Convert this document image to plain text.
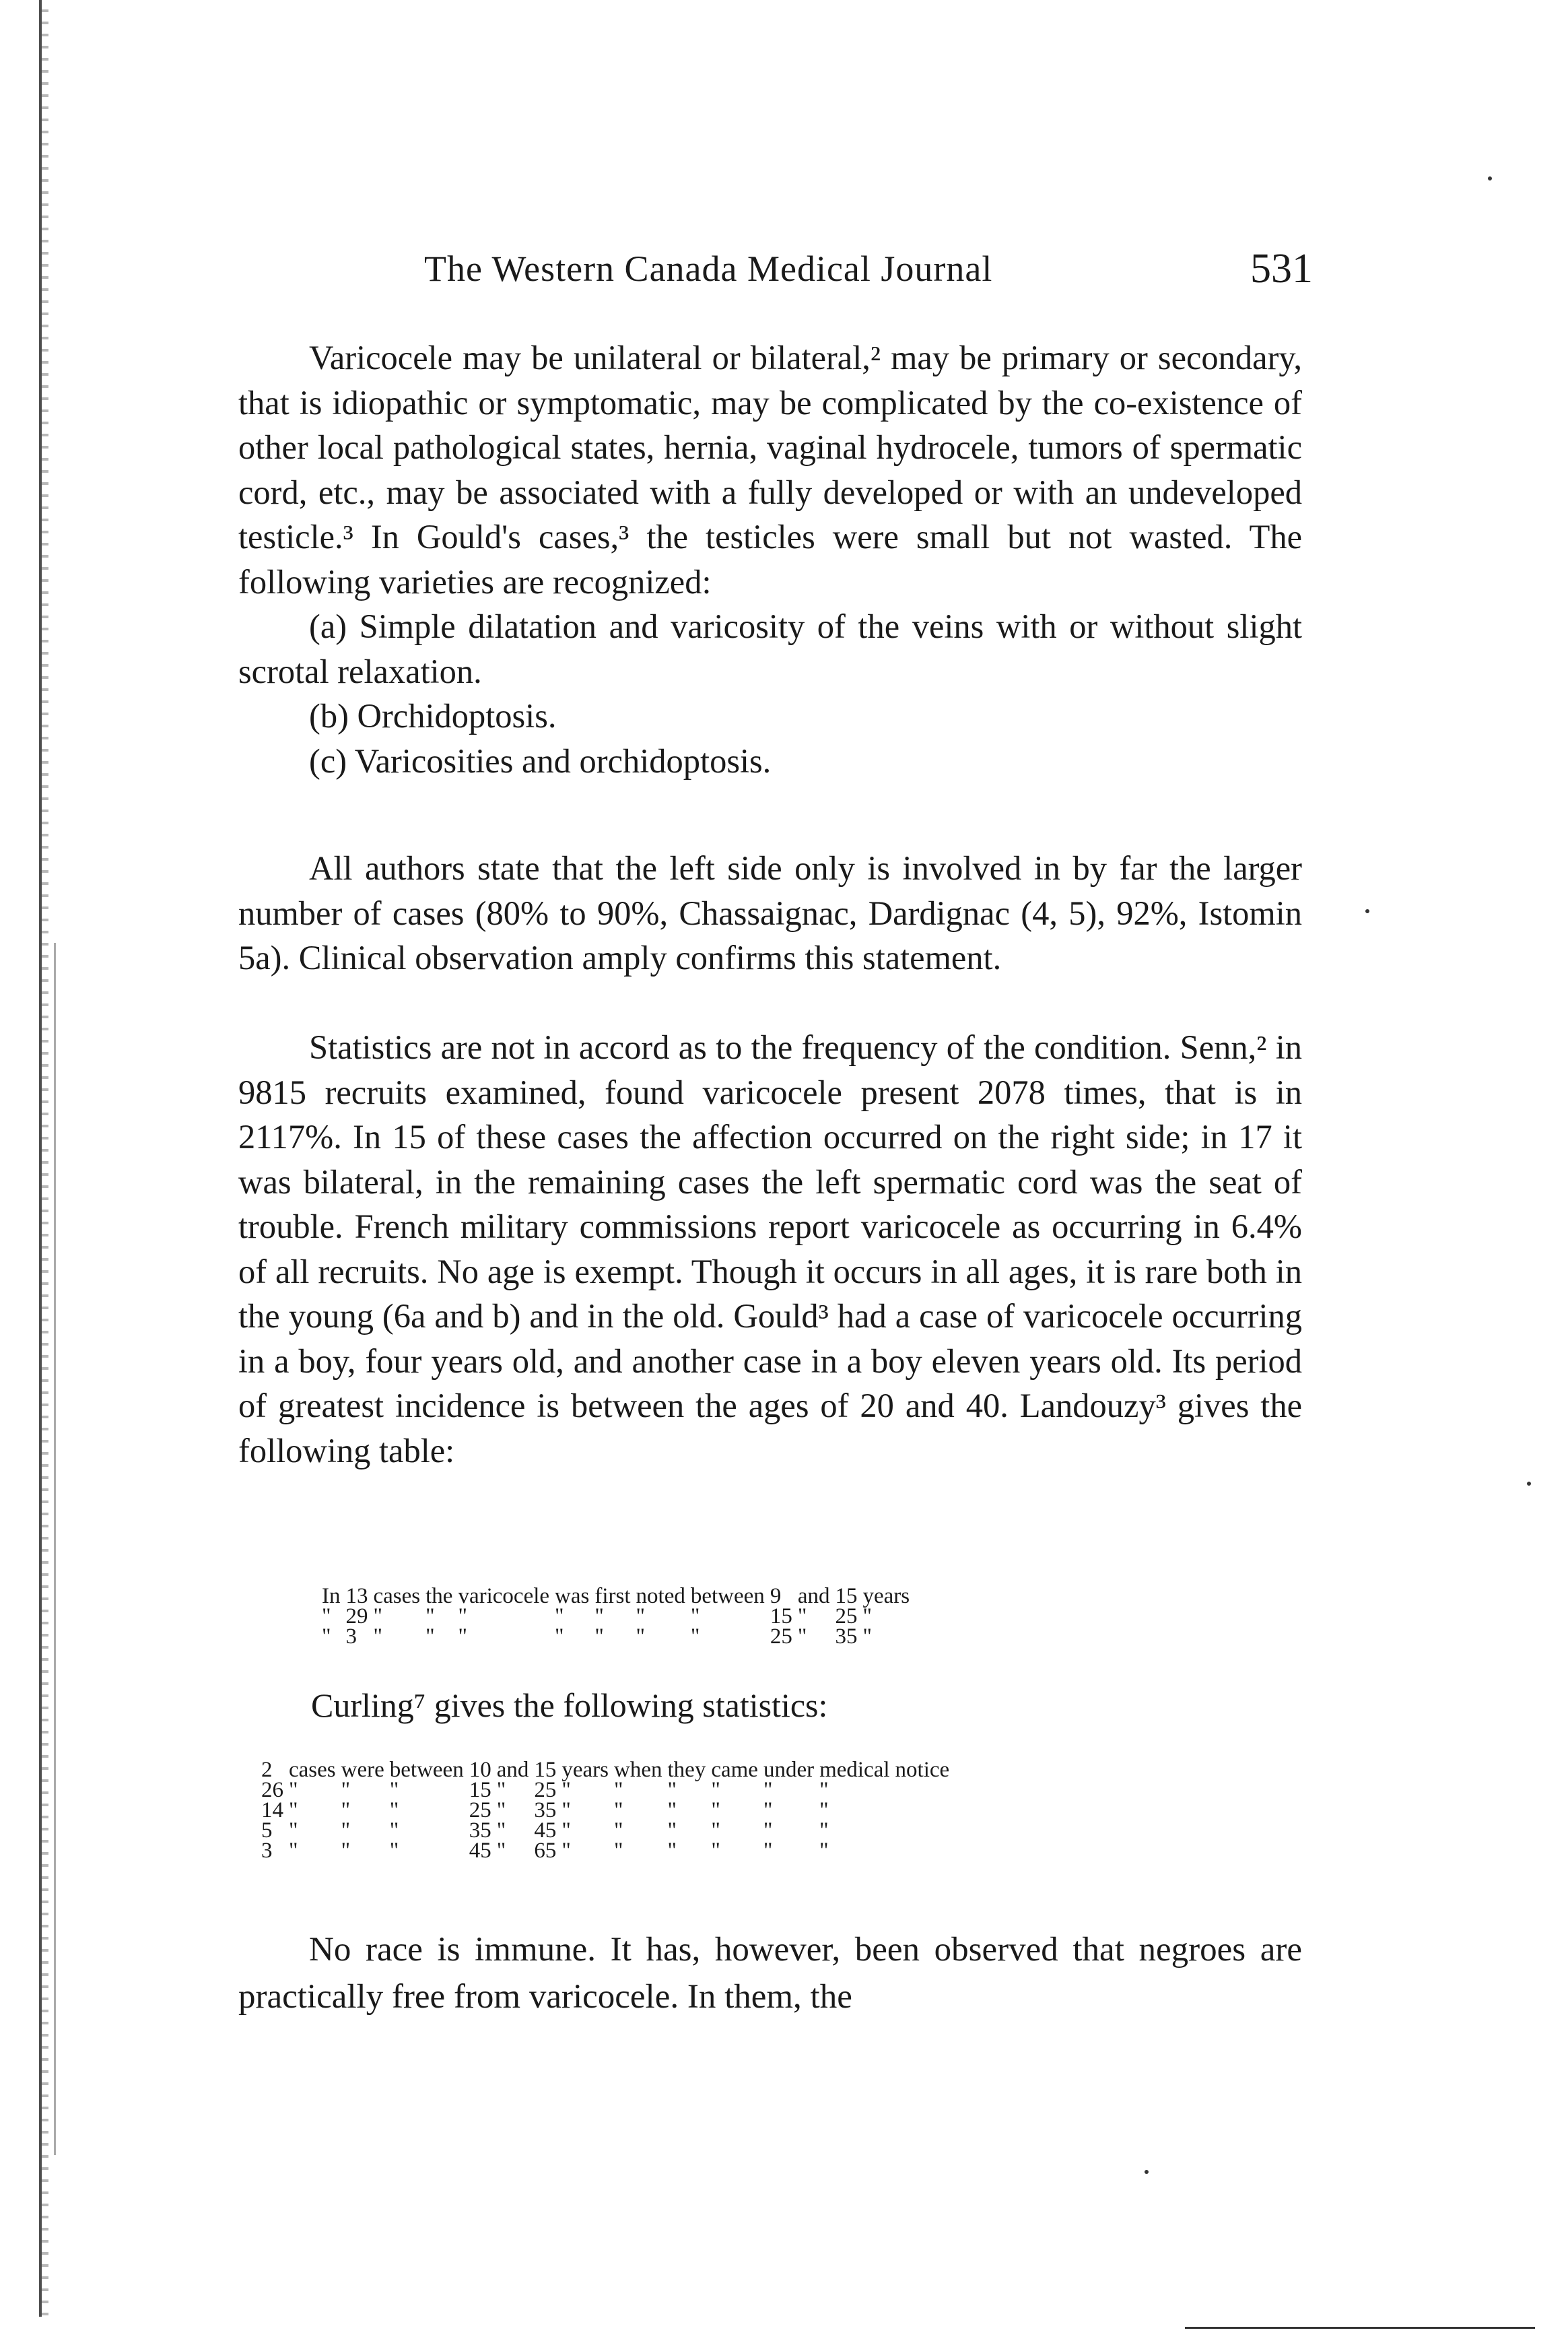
The Western Canada Medical Journal	531

Varicocele may be unilateral or bilateral,² may be primary or secondary, that is idiopathic or symptomatic, may be complicated by the co-existence of other local pathological states, hernia, vaginal hydrocele, tumors of spermatic cord, etc., may be associated with a fully developed or with an undeveloped testicle.³ In Gould's cases,³ the testicles were small but not wasted. The following varieties are recognized:

(a) Simple dilatation and varicosity of the veins with or without slight scrotal relaxation.

(b) Orchidoptosis.

(c) Varicosities and orchidoptosis.

All authors state that the left side only is involved in by far the larger number of cases (80% to 90%, Chassaignac, Dardignac (4, 5), 92%, Istomin 5a). Clinical observation amply confirms this statement.

Statistics are not in accord as to the frequency of the condition. Senn,² in 9815 recruits examined, found varicocele present 2078 times, that is in 2117%. In 15 of these cases the affection occurred on the right side; in 17 it was bilateral, in the remaining cases the left spermatic cord was the seat of trouble. French military commissions report varicocele as occurring in 6.4% of all recruits. No age is exempt. Though it occurs in all ages, it is rare both in the young (6a and b) and in the old. Gould³ had a case of varicocele occurring in a boy, four years old, and another case in a boy eleven years old. Its period of greatest incidence is between the ages of 20 and 40. Landouzy³ gives the following table:

In	13	cases	the	varicocele	was	first	noted	between	9	and	15	years
"	29	"	"	"	"	"	"	"	15	"	25	"
"	3	"	"	"	"	"	"	"	25	"	35	"
Curling⁷ gives the following statistics:
2	cases	were	between	10	and	15	years	when	they	came	under	medical	notice
26	"	"	"	15	"	25	"	"	"	"	"	"	
14	"	"	"	25	"	35	"	"	"	"	"	"	
5	"	"	"	35	"	45	"	"	"	"	"	"	
3	"	"	"	45	"	65	"	"	"	"	"	"	

No race is immune. It has, however, been observed that negroes are practically free from varicocele. In them, the
